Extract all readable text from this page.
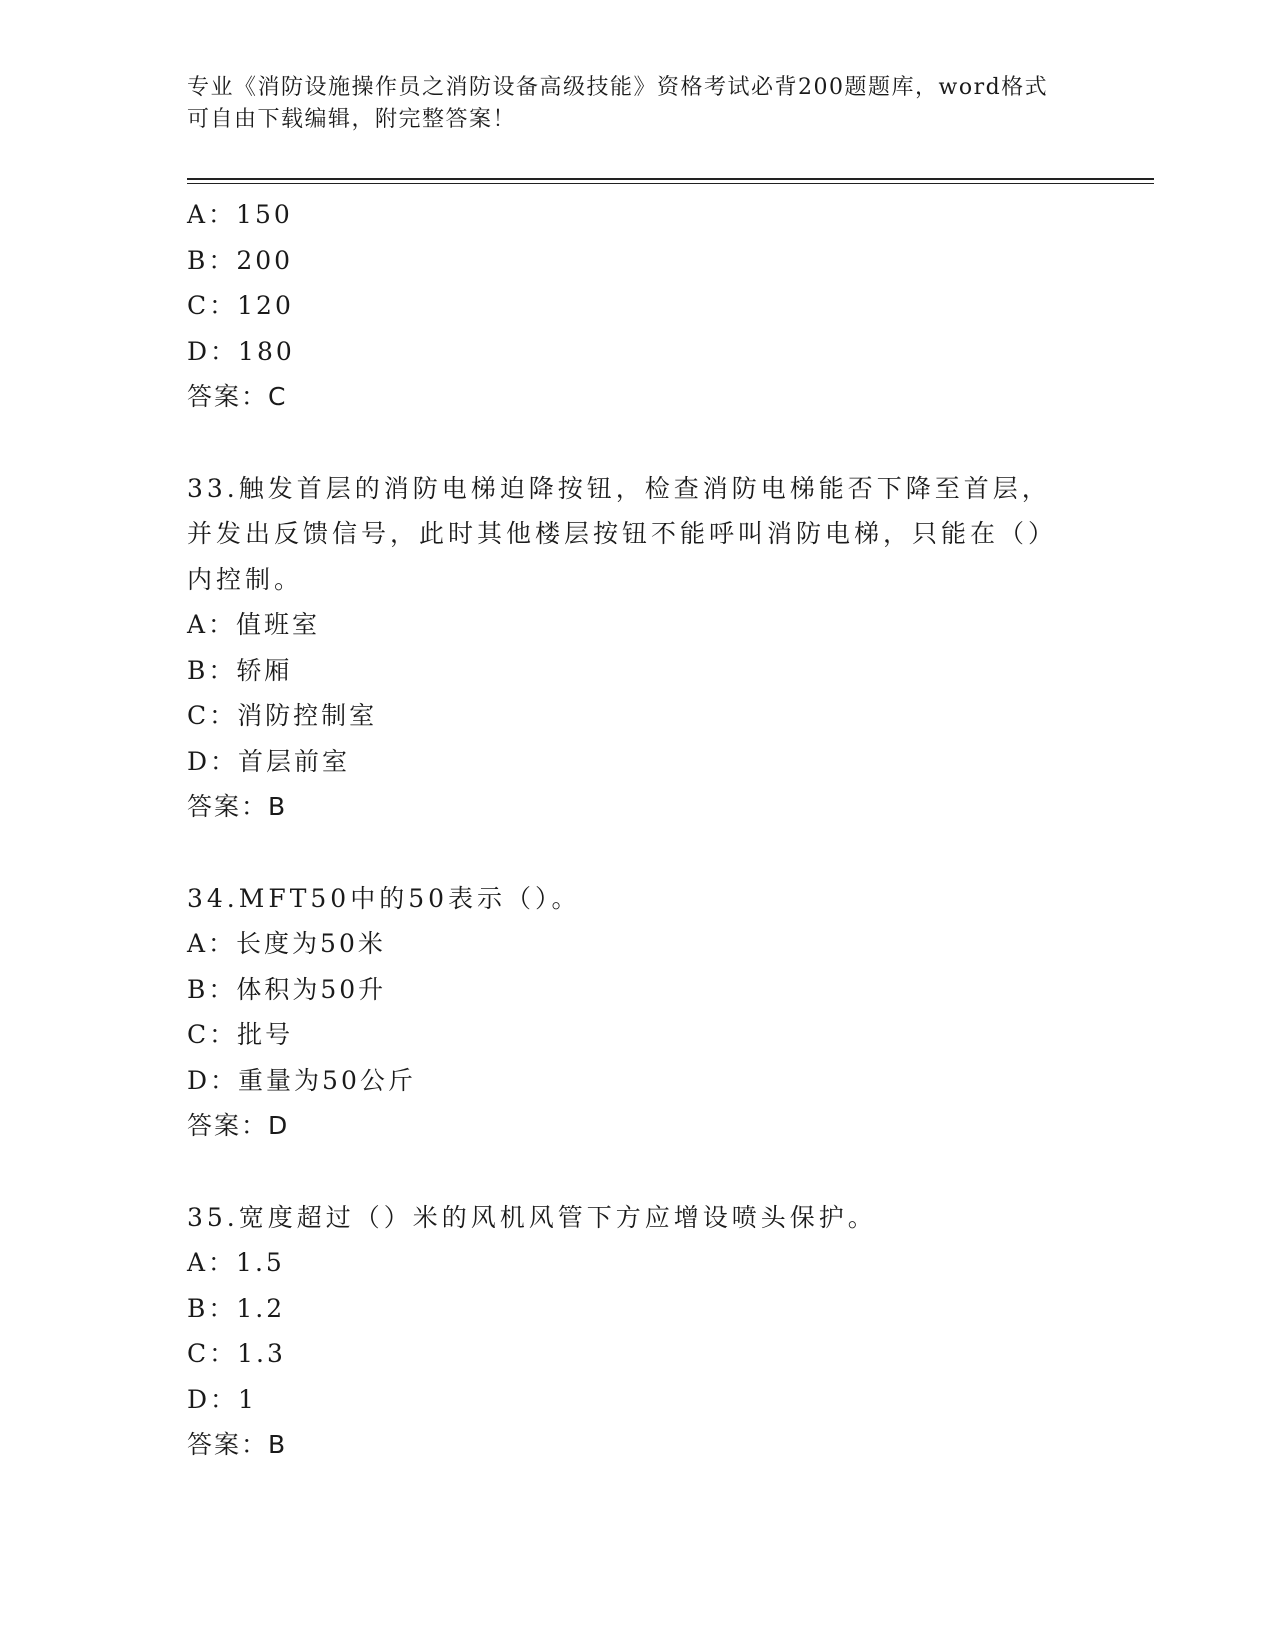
专业《消防设施操作员之消防设备高级技能》资格考试必背200题题库，word格式可自由下载编辑，附完整答案！
A：150
B：200
C：120
D：180
答案：C
33.触发首层的消防电梯迫降按钮，检查消防电梯能否下降至首层，并发出反馈信号，此时其他楼层按钮不能呼叫消防电梯，只能在（）内控制。
A：值班室
B：轿厢
C：消防控制室
D：首层前室
答案：B
34.MFT50中的50表示（）。
A：长度为50米
B：体积为50升
C：批号
D：重量为50公斤
答案：D
35.宽度超过（）米的风机风管下方应增设喷头保护。
A：1.5
B：1.2
C：1.3
D：1
答案：B
